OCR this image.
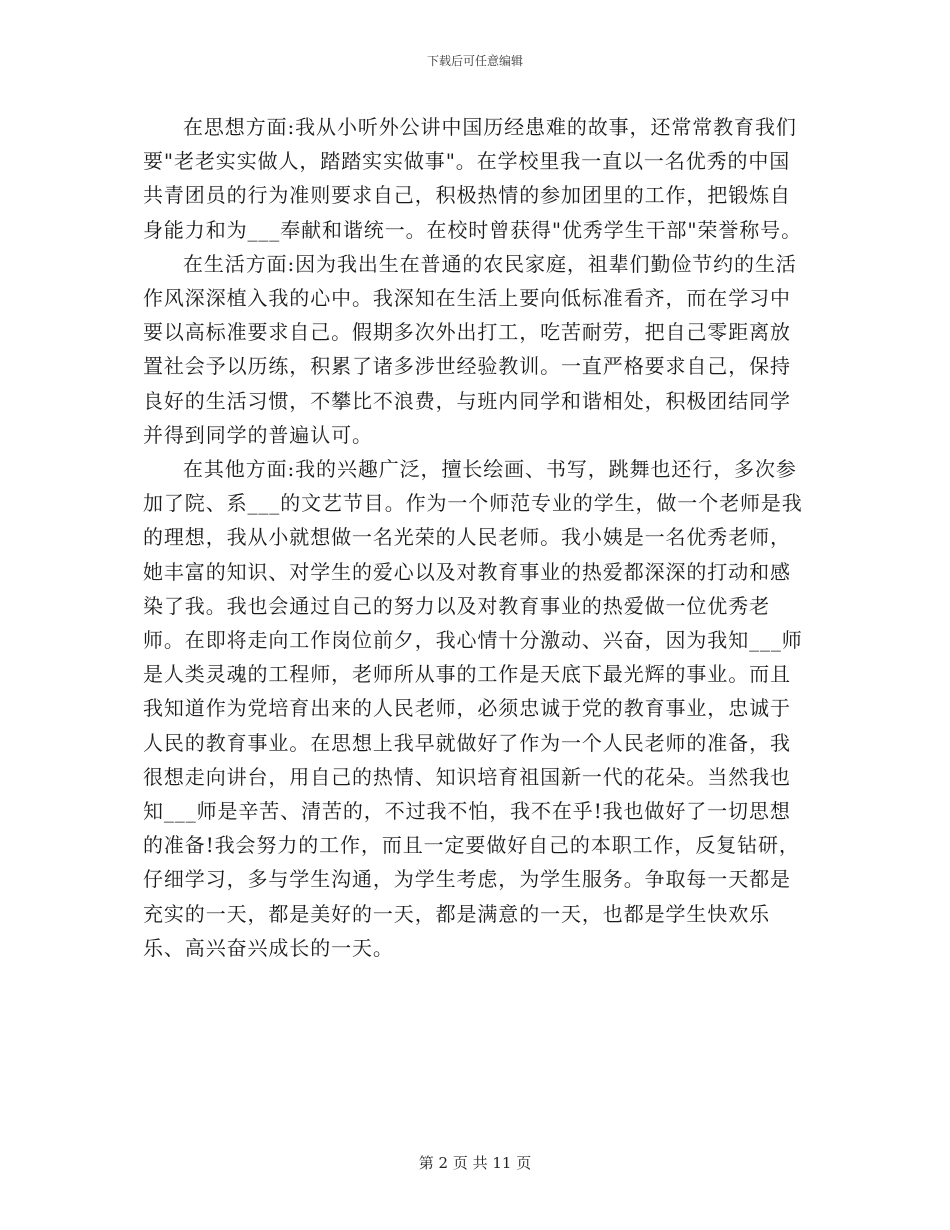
下载后可任意编辑

在思想方面:我从小听外公讲中国历经患难的故事，还常常教育我们要"老老实实做人，踏踏实实做事"。在学校里我一直以一名优秀的中国共青团员的行为准则要求自己，积极热情的参加团里的工作，把锻炼自身能力和为___奉献和谐统一。在校时曾获得"优秀学生干部"荣誉称号。

在生活方面:因为我出生在普通的农民家庭，祖辈们勤俭节约的生活作风深深植入我的心中。我深知在生活上要向低标准看齐，而在学习中要以高标准要求自己。假期多次外出打工，吃苦耐劳，把自己零距离放置社会予以历练，积累了诸多涉世经验教训。一直严格要求自己，保持良好的生活习惯，不攀比不浪费，与班内同学和谐相处，积极团结同学并得到同学的普遍认可。

在其他方面:我的兴趣广泛，擅长绘画、书写，跳舞也还行，多次参加了院、系___的文艺节目。作为一个师范专业的学生，做一个老师是我的理想，我从小就想做一名光荣的人民老师。我小姨是一名优秀老师，她丰富的知识、对学生的爱心以及对教育事业的热爱都深深的打动和感染了我。我也会通过自己的努力以及对教育事业的热爱做一位优秀老师。在即将走向工作岗位前夕，我心情十分激动、兴奋，因为我知___师是人类灵魂的工程师，老师所从事的工作是天底下最光辉的事业。而且我知道作为党培育出来的人民老师，必须忠诚于党的教育事业，忠诚于人民的教育事业。在思想上我早就做好了作为一个人民老师的准备，我很想走向讲台，用自己的热情、知识培育祖国新一代的花朵。当然我也知___师是辛苦、清苦的，不过我不怕，我不在乎!我也做好了一切思想的准备!我会努力的工作，而且一定要做好自己的本职工作，反复钻研，仔细学习，多与学生沟通，为学生考虑，为学生服务。争取每一天都是充实的一天，都是美好的一天，都是满意的一天，也都是学生快欢乐乐、高兴奋兴成长的一天。

第 2 页 共 11 页
